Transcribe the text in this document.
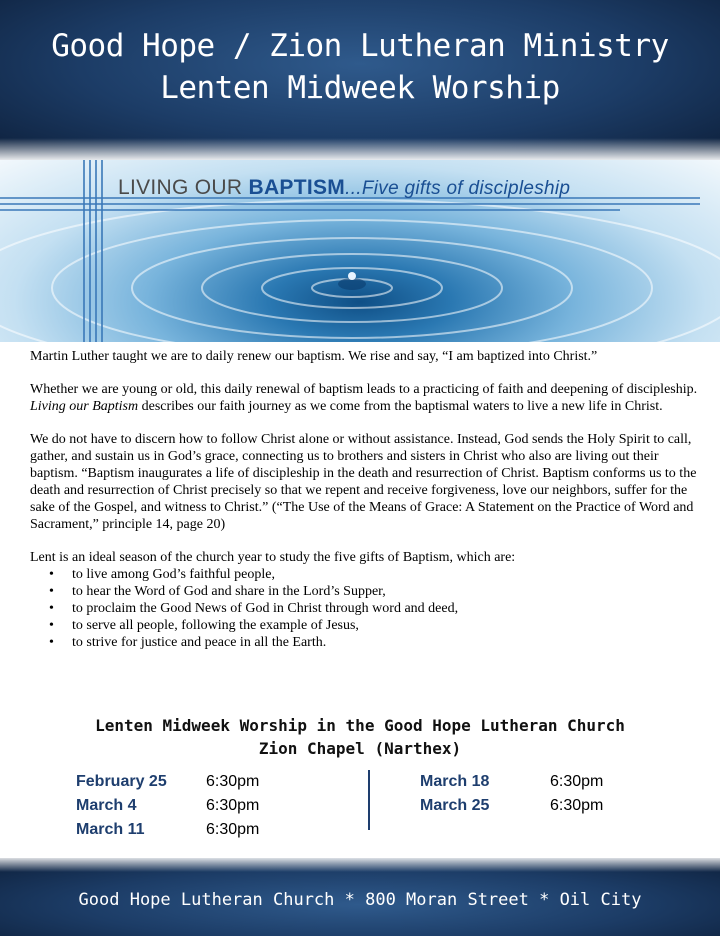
Good Hope / Zion Lutheran Ministry
Lenten Midweek Worship
LIVING OUR BAPTISM...Five gifts of discipleship

Martin Luther taught we are to daily renew our baptism. We rise and say, “I am baptized into Christ.”

Whether we are young or old, this daily renewal of baptism leads to a practicing of faith and deepening of discipleship. Living our Baptism describes our faith journey as we come from the baptismal waters to live a new life in Christ.

We do not have to discern how to follow Christ alone or without assistance. Instead, God sends the Holy Spirit to call, gather, and sustain us in God’s grace, connecting us to brothers and sisters in Christ who also are living out their baptism. “Baptism inaugurates a life of discipleship in the death and resurrection of Christ. Baptism conforms us to the death and resurrection of Christ precisely so that we repent and receive forgiveness, love our neighbors, suffer for the sake of the Gospel, and witness to Christ.” (“The Use of the Means of Grace: A Statement on the Practice of Word and Sacrament,” principle 14, page 20)

Lent is an ideal season of the church year to study the five gifts of Baptism, which are:

• to live among God’s faithful people,
• to hear the Word of God and share in the Lord’s Supper,
• to proclaim the Good News of God in Christ through word and deed,
• to serve all people, following the example of Jesus,
• to strive for justice and peace in all the Earth.
Lenten Midweek Worship in the Good Hope Lutheran Church
Zion Chapel (Narthex)
February 25	6:30pm
March 4	6:30pm
March 11	6:30pm
March 18	6:30pm
March 25	6:30pm
Good Hope Lutheran Church * 800 Moran Street * Oil City
